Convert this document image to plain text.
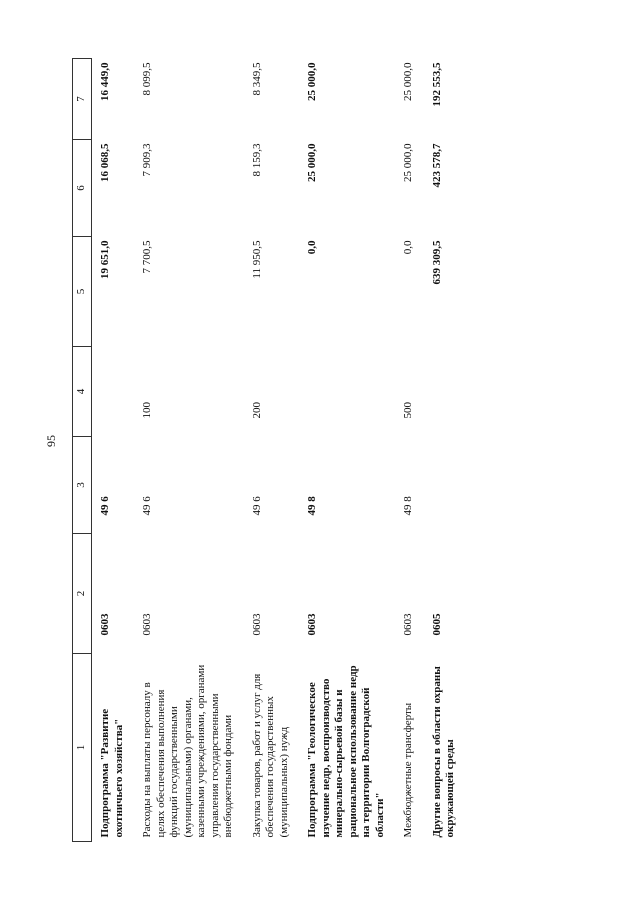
95
1	2	3	4	5	6	7
Подпрограмма "Развитие охотничьего хозяйства"	0603	49 6		19 651,0	16 068,5	16 449,0
Расходы на выплаты персоналу в целях обеспечения выполнения функций государственными (муниципальными) органами, казенными учреждениями, органами управления государственными внебюджетными фондами	0603	49 6	100	7 700,5	7 909,3	8 099,5
Закупка товаров, работ и услуг для обеспечения государственных (муниципальных) нужд	0603	49 6	200	11 950,5	8 159,3	8 349,5
Подпрограмма "Геологическое изучение недр, воспроизводство минерально-сырьевой базы и рациональное использование недр на территории Волгоградской области"	0603	49 8		0,0	25 000,0	25 000,0
Межбюджетные трансферты	0603	49 8	500	0,0	25 000,0	25 000,0
Другие вопросы в области охраны окружающей среды	0605			639 309,5	423 578,7	192 553,5
